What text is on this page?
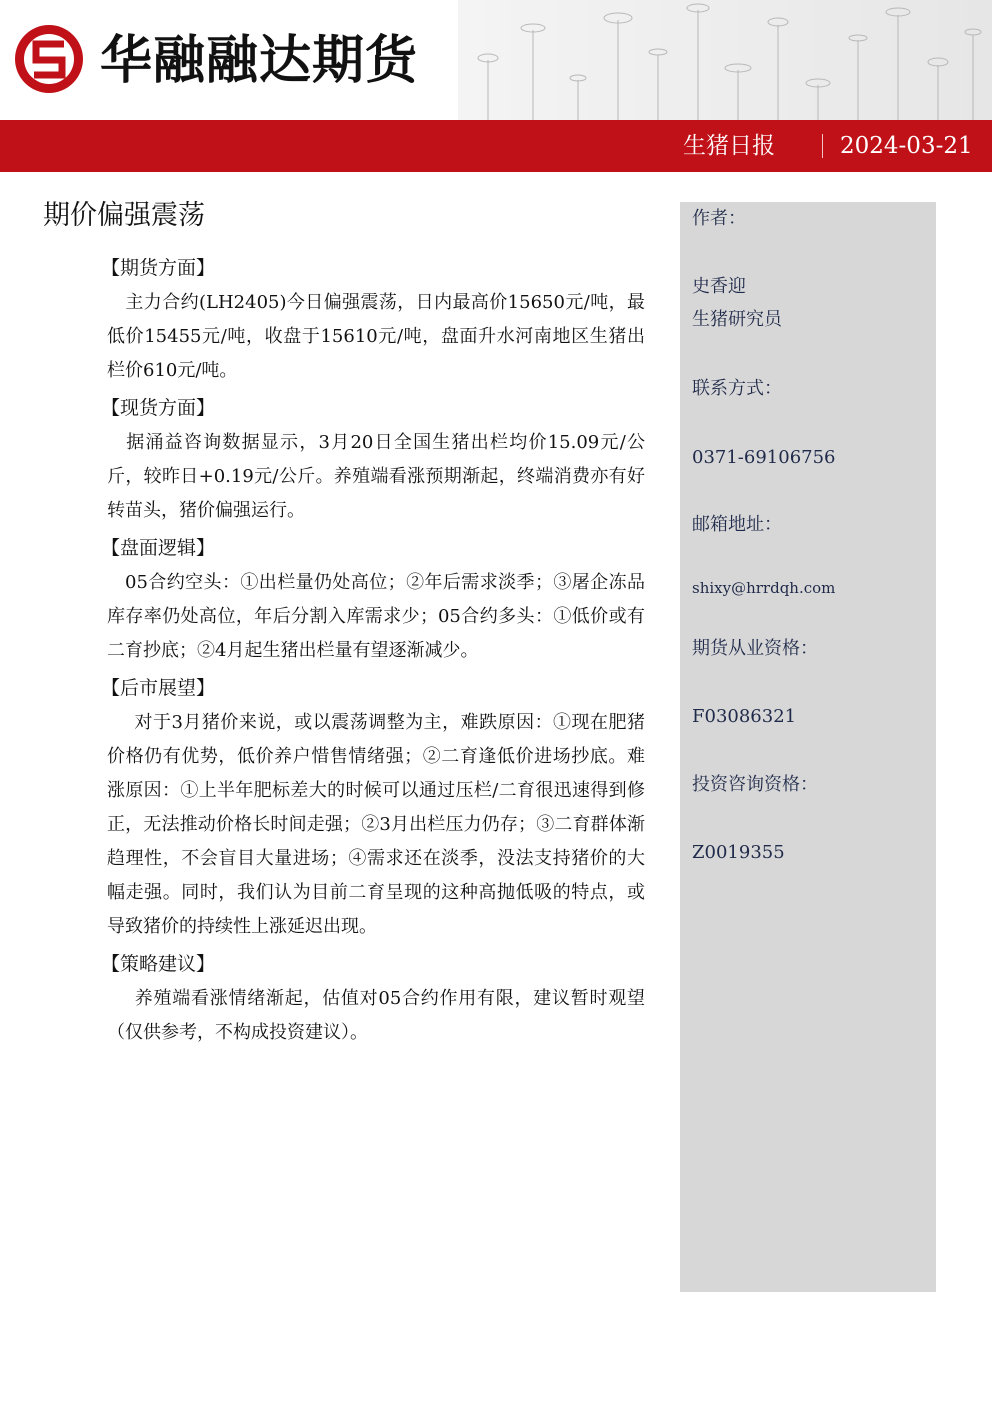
华融融达期货
生猪日报	2024-03-21
期价偏强震荡
【期货方面】

 主力合约(LH2405)今日偏强震荡，日内最高价15650元/吨，最低价15455元/吨，收盘于15610元/吨，盘面升水河南地区生猪出栏价610元/吨。

【现货方面】

 据涌益咨询数据显示，3月20日全国生猪出栏均价15.09元/公斤，较昨日+0.19元/公斤。养殖端看涨预期渐起，终端消费亦有好转苗头，猪价偏强运行。

【盘面逻辑】

 05合约空头：①出栏量仍处高位；②年后需求淡季；③屠企冻品库存率仍处高位，年后分割入库需求少；05合约多头：①低价或有二育抄底；②4月起生猪出栏量有望逐渐减少。

【后市展望】

  对于3月猪价来说，或以震荡调整为主，难跌原因：①现在肥猪价格仍有优势，低价养户惜售情绪强；②二育逢低价进场抄底。难涨原因：①上半年肥标差大的时候可以通过压栏/二育很迅速得到修正，无法推动价格长时间走强；②3月出栏压力仍存；③二育群体渐趋理性，不会盲目大量进场；④需求还在淡季，没法支持猪价的大幅走强。同时，我们认为目前二育呈现的这种高抛低吸的特点，或导致猪价的持续性上涨延迟出现。

【策略建议】

  养殖端看涨情绪渐起，估值对05合约作用有限，建议暂时观望（仅供参考，不构成投资建议）。

作者：
史香迎
生猪研究员
联系方式：
0371-69106756
邮箱地址：
shixy@hrrdqh.com
期货从业资格：
F03086321
投资咨询资格：
Z0019355
